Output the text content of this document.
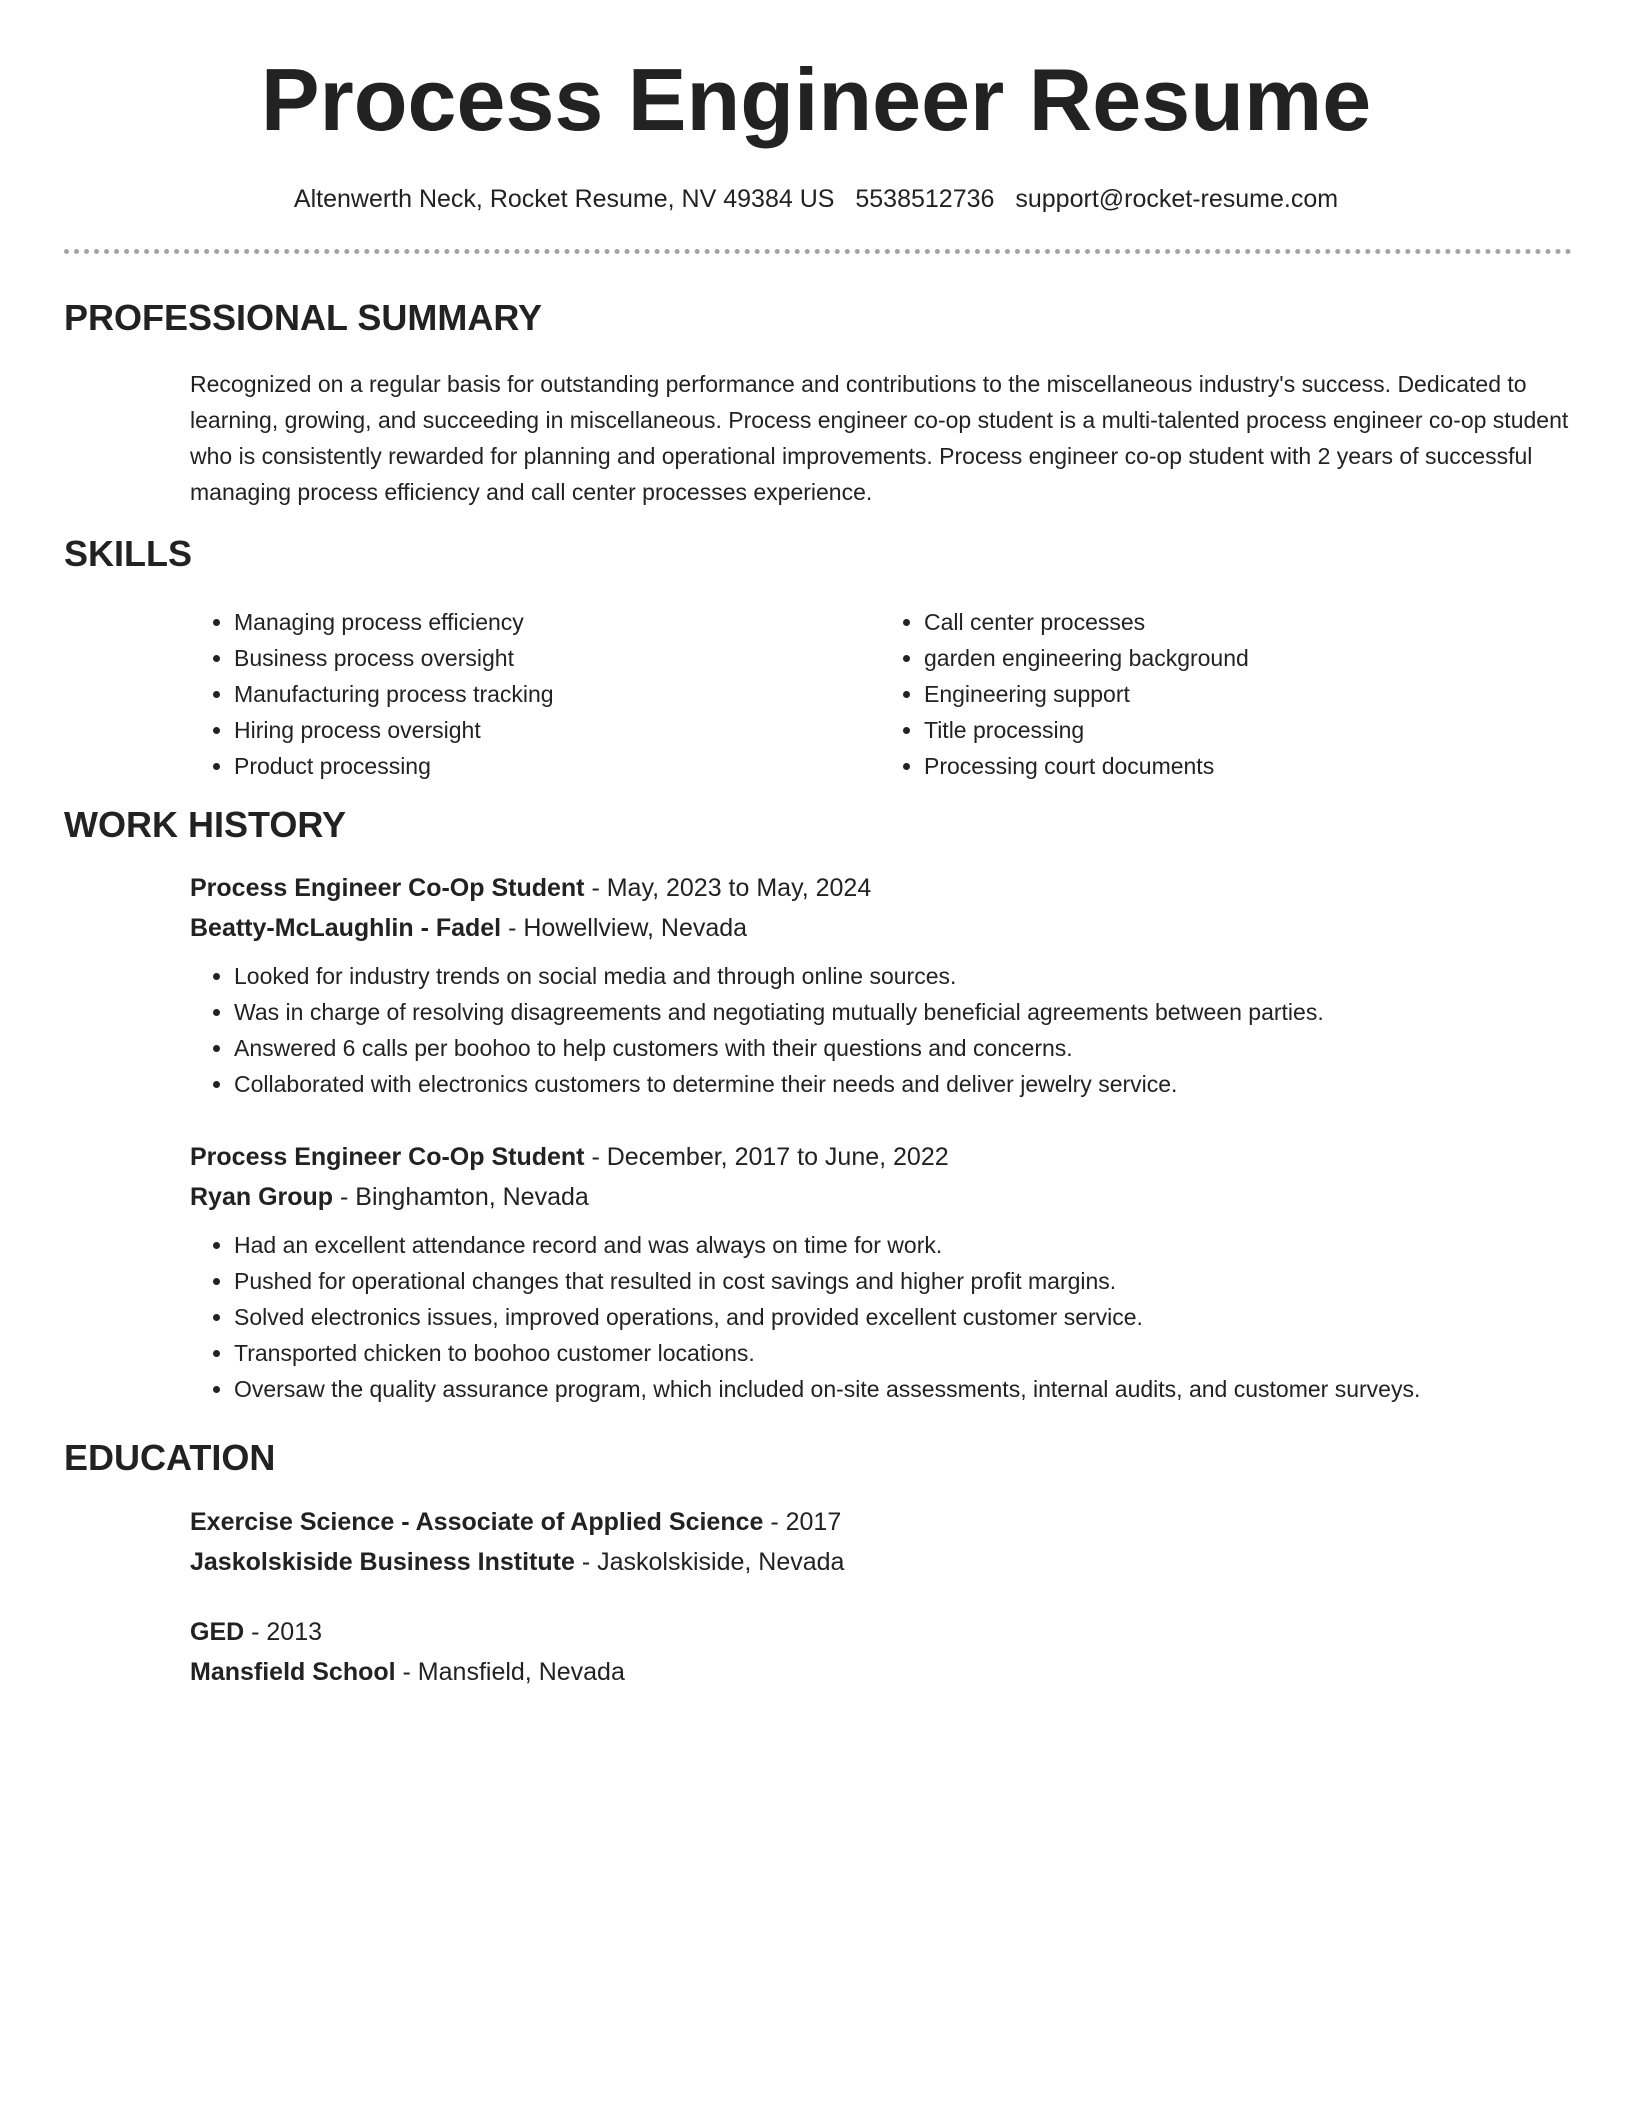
Process Engineer Resume
Altenwerth Neck, Rocket Resume, NV 49384 US 5538512736 support@rocket-resume.com
PROFESSIONAL SUMMARY

Recognized on a regular basis for outstanding performance and contributions to the miscellaneous industry's success. Dedicated to learning, growing, and succeeding in miscellaneous. Process engineer co-op student is a multi-talented process engineer co-op student who is consistently rewarded for planning and operational improvements. Process engineer co-op student with 2 years of successful managing process efficiency and call center processes experience.

SKILLS
• Managing process efficiency
• Business process oversight
• Manufacturing process tracking
• Hiring process oversight
• Product processing
• Call center processes
• garden engineering background
• Engineering support
• Title processing
• Processing court documents
WORK HISTORY
Process Engineer Co-Op Student - May, 2023 to May, 2024
Beatty-McLaughlin - Fadel - Howellview, Nevada
• Looked for industry trends on social media and through online sources.
• Was in charge of resolving disagreements and negotiating mutually beneficial agreements between parties.
• Answered 6 calls per boohoo to help customers with their questions and concerns.
• Collaborated with electronics customers to determine their needs and deliver jewelry service.
Process Engineer Co-Op Student - December, 2017 to June, 2022
Ryan Group - Binghamton, Nevada
• Had an excellent attendance record and was always on time for work.
• Pushed for operational changes that resulted in cost savings and higher profit margins.
• Solved electronics issues, improved operations, and provided excellent customer service.
• Transported chicken to boohoo customer locations.
• Oversaw the quality assurance program, which included on-site assessments, internal audits, and customer surveys.
EDUCATION
Exercise Science - Associate of Applied Science - 2017
Jaskolskiside Business Institute - Jaskolskiside, Nevada
GED - 2013
Mansfield School - Mansfield, Nevada
